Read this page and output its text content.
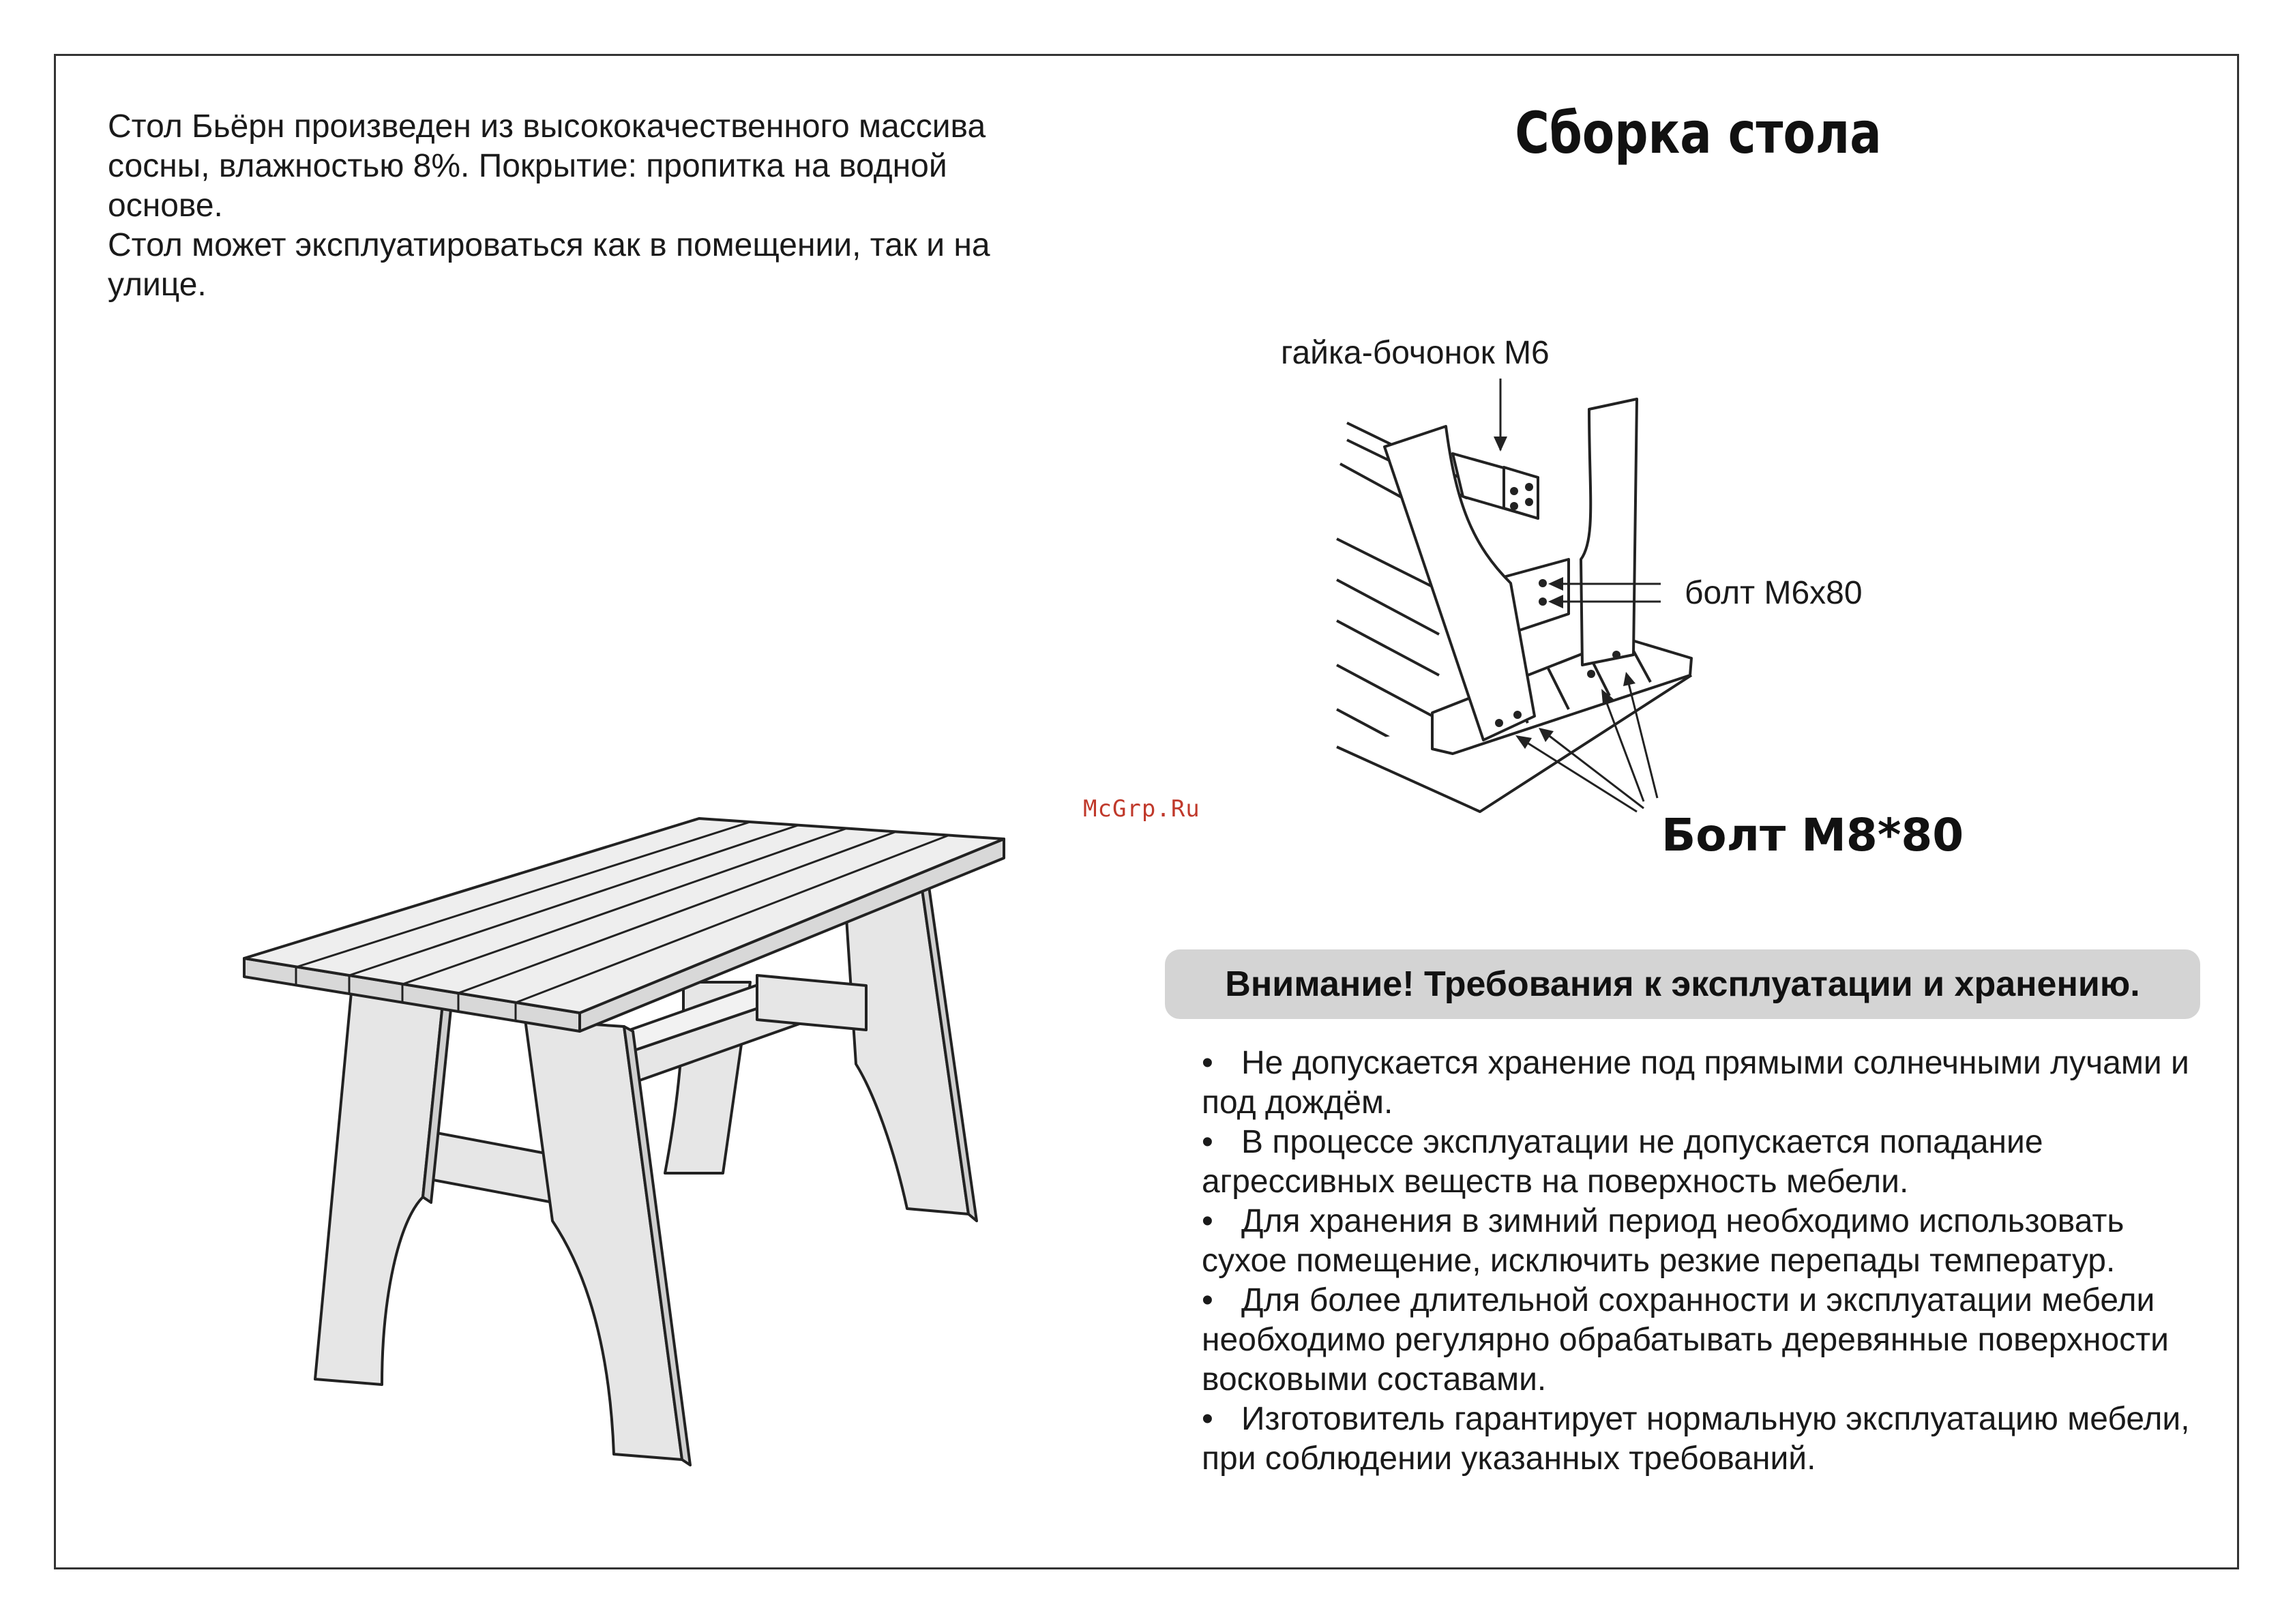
Стол Бьёрн произведен из высококачественного массива сосны, влажностью 8%. Покрытие: пропитка на водной основе.

Стол может эксплуатироваться как в помещении, так и на улице.

Сборка стола
McGrp.Ru
гайка-бочонок М6
болт М6х80
Болт М8*80
Внимание! Требования к эксплуатации и хранению.
• Не допускается хранение под прямыми солнечными лучами и под дождём.
• В процессе эксплуатации не допускается попадание агрессивных веществ на поверхность мебели.
• Для хранения в зимний период необходимо использовать сухое помещение, исключить резкие перепады температур.
• Для более длительной сохранности и эксплуатации мебели необходимо регулярно обрабатывать деревянные поверхности восковыми составами.
• Изготовитель гарантирует нормальную эксплуатацию мебели, при соблюдении указанных требований.
